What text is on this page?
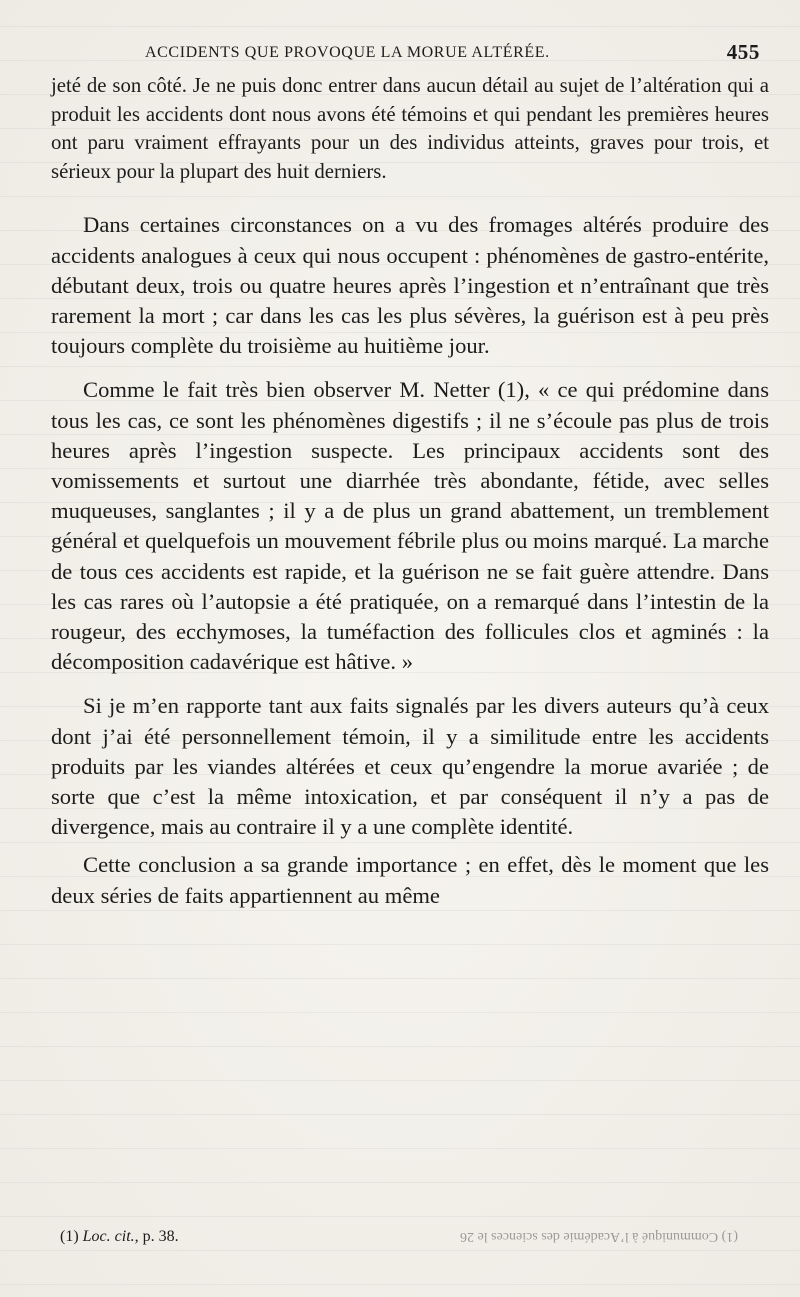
ACCIDENTS QUE PROVOQUE LA MORUE ALTÉRÉE.	455

jeté de son côté. Je ne puis donc entrer dans aucun détail au sujet de l’altération qui a produit les accidents dont nous avons été témoins et qui pendant les premières heures ont paru vraiment effrayants pour un des individus atteints, graves pour trois, et sérieux pour la plupart des huit derniers.

Dans certaines circonstances on a vu des fromages altérés produire des accidents analogues à ceux qui nous occupent : phénomènes de gastro-entérite, débutant deux, trois ou quatre heures après l’ingestion et n’entraînant que très rarement la mort ; car dans les cas les plus sévères, la guérison est à peu près toujours complète du troisième au huitième jour.

Comme le fait très bien observer M. Netter (1), « ce qui prédomine dans tous les cas, ce sont les phénomènes digestifs ; il ne s’écoule pas plus de trois heures après l’ingestion suspecte. Les principaux accidents sont des vomissements et surtout une diarrhée très abondante, fétide, avec selles muqueuses, sanglantes ; il y a de plus un grand abattement, un tremblement général et quelquefois un mouvement fébrile plus ou moins marqué. La marche de tous ces accidents est rapide, et la guérison ne se fait guère attendre. Dans les cas rares où l’autopsie a été pratiquée, on a remarqué dans l’intestin de la rougeur, des ecchymoses, la tuméfaction des follicules clos et agminés : la décomposition cadavérique est hâtive. »

Si je m’en rapporte tant aux faits signalés par les divers auteurs qu’à ceux dont j’ai été personnellement témoin, il y a similitude entre les accidents produits par les viandes altérées et ceux qu’engendre la morue avariée ; de sorte que c’est la même intoxication, et par conséquent il n’y a pas de divergence, mais au contraire il y a une complète identité.

Cette conclusion a sa grande importance ; en effet, dès le moment que les deux séries de faits appartiennent au même

(1) Loc. cit., p. 38.	(1) Communiqué à l’Académie des sciences le 26
